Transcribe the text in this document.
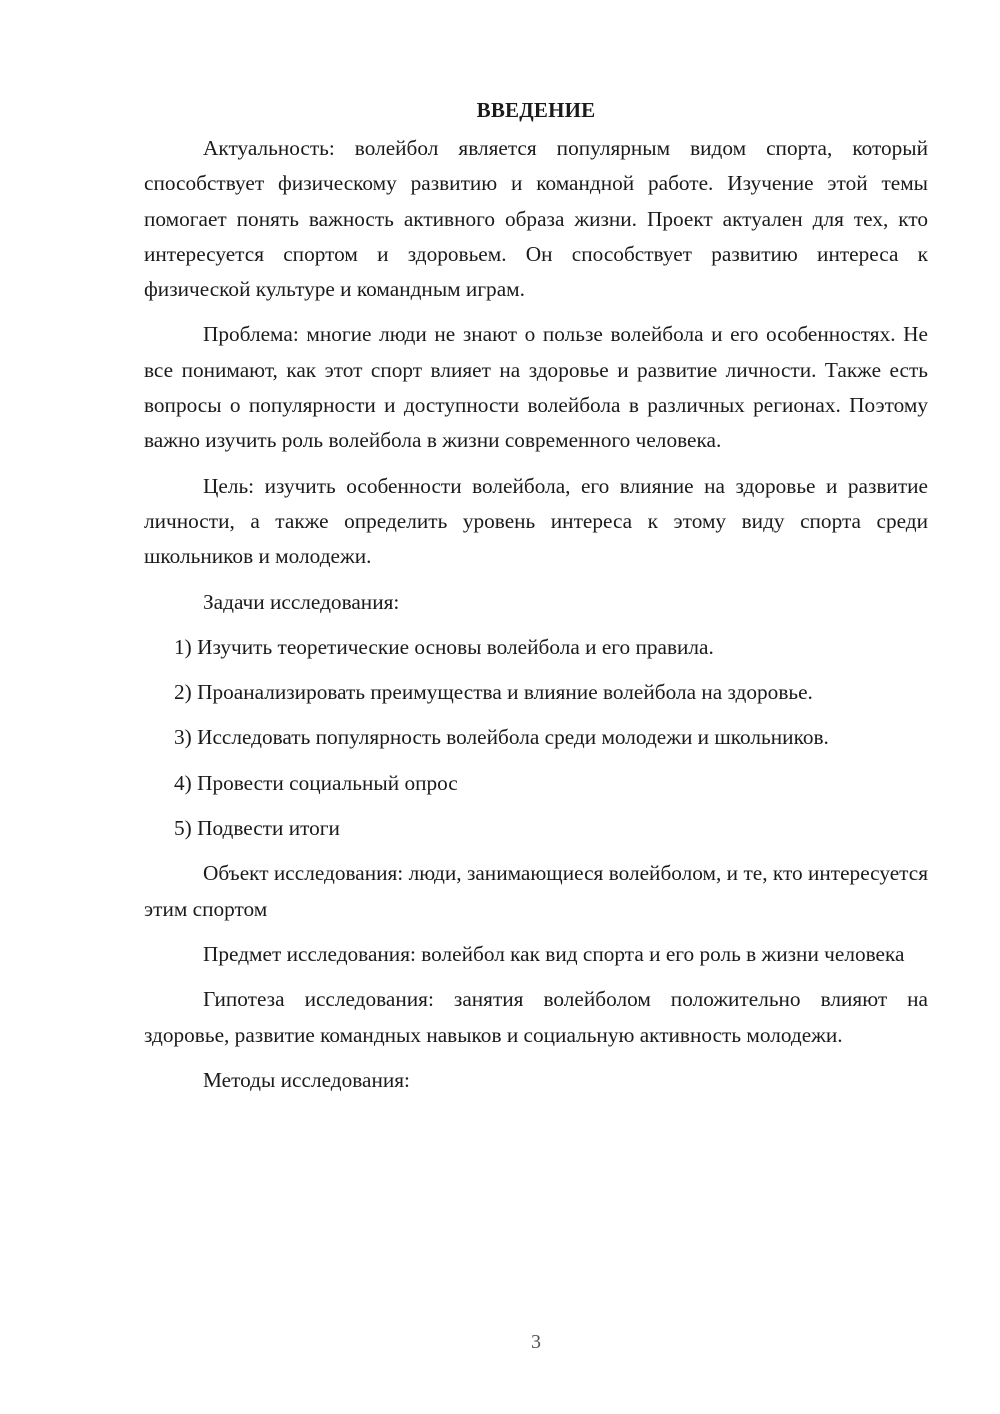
ВВЕДЕНИЕ

Актуальность: волейбол является популярным видом спорта, который способствует физическому развитию и командной работе. Изучение этой темы помогает понять важность активного образа жизни. Проект актуален для тех, кто интересуется спортом и здоровьем. Он способствует развитию интереса к физической культуре и командным играм.

Проблема: многие люди не знают о пользе волейбола и его особенностях. Не все понимают, как этот спорт влияет на здоровье и развитие личности. Также есть вопросы о популярности и доступности волейбола в различных регионах. Поэтому важно изучить роль волейбола в жизни современного человека.

Цель: изучить особенности волейбола, его влияние на здоровье и развитие личности, а также определить уровень интереса к этому виду спорта среди школьников и молодежи.

Задачи исследования:

1) Изучить теоретические основы волейбола и его правила.

2) Проанализировать преимущества и влияние волейбола на здоровье.

3) Исследовать популярность волейбола среди молодежи и школьников.

4) Провести социальный опрос

5) Подвести итоги

Объект исследования: люди, занимающиеся волейболом, и те, кто интересуется этим спортом

Предмет исследования: волейбол как вид спорта и его роль в жизни человека

Гипотеза исследования: занятия волейболом положительно влияют на здоровье, развитие командных навыков и социальную активность молодежи.

Методы исследования:

3
